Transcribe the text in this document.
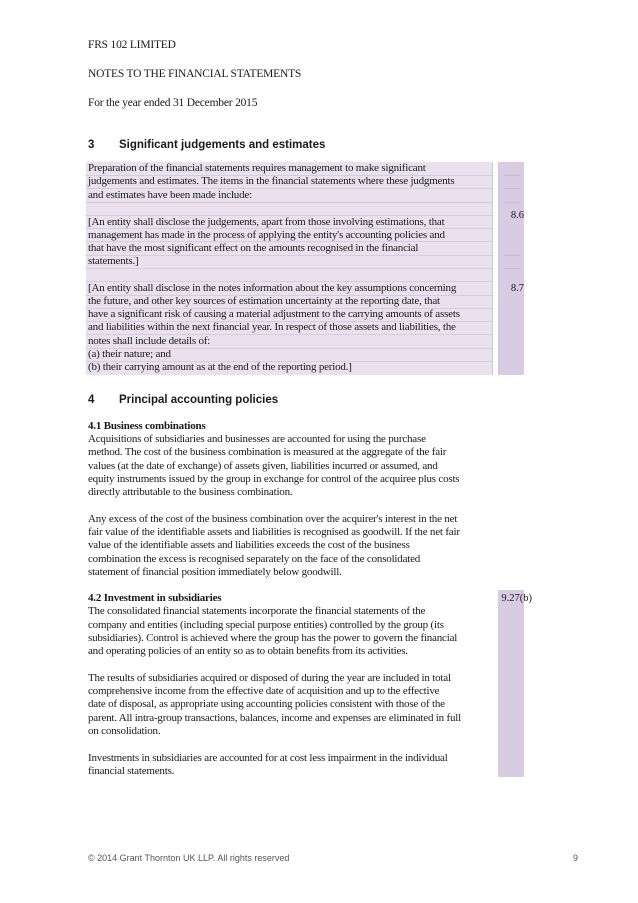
FRS 102 LIMITED
NOTES TO THE FINANCIAL STATEMENTS
For the year ended 31 December 2015
3 Significant judgements and estimates
Preparation of the financial statements requires management to make significant
judgements and estimates. The items in the financial statements where these judgments
and estimates have been made include:
[An entity shall disclose the judgements, apart from those involving estimations, that
management has made in the process of applying the entity's accounting policies and
that have the most significant effect on the amounts recognised in the financial
statements.]
[An entity shall disclose in the notes information about the key assumptions concerning
the future, and other key sources of estimation uncertainty at the reporting date, that
have a significant risk of causing a material adjustment to the carrying amounts of assets
and liabilities within the next financial year. In respect of those assets and liabilities, the
notes shall include details of:
(a) their nature; and
(b) their carrying amount as at the end of the reporting period.]
8.6
8.7
4 Principal accounting policies
4.1 Business combinations
Acquisitions of subsidiaries and businesses are accounted for using the purchase
method. The cost of the business combination is measured at the aggregate of the fair
values (at the date of exchange) of assets given, liabilities incurred or assumed, and
equity instruments issued by the group in exchange for control of the acquiree plus costs
directly attributable to the business combination.
Any excess of the cost of the business combination over the acquirer's interest in the net
fair value of the identifiable assets and liabilities is recognised as goodwill. If the net fair
value of the identifiable assets and liabilities exceeds the cost of the business
combination the excess is recognised separately on the face of the consolidated
statement of financial position immediately below goodwill.
9.27(b)
4.2 Investment in subsidiaries
The consolidated financial statements incorporate the financial statements of the
company and entities (including special purpose entities) controlled by the group (its
subsidiaries). Control is achieved where the group has the power to govern the financial
and operating policies of an entity so as to obtain benefits from its activities.
The results of subsidiaries acquired or disposed of during the year are included in total
comprehensive income from the effective date of acquisition and up to the effective
date of disposal, as appropriate using accounting policies consistent with those of the
parent. All intra-group transactions, balances, income and expenses are eliminated in full
on consolidation.
Investments in subsidiaries are accounted for at cost less impairment in the individual
financial statements.
© 2014 Grant Thornton UK LLP. All rights reserved	9
